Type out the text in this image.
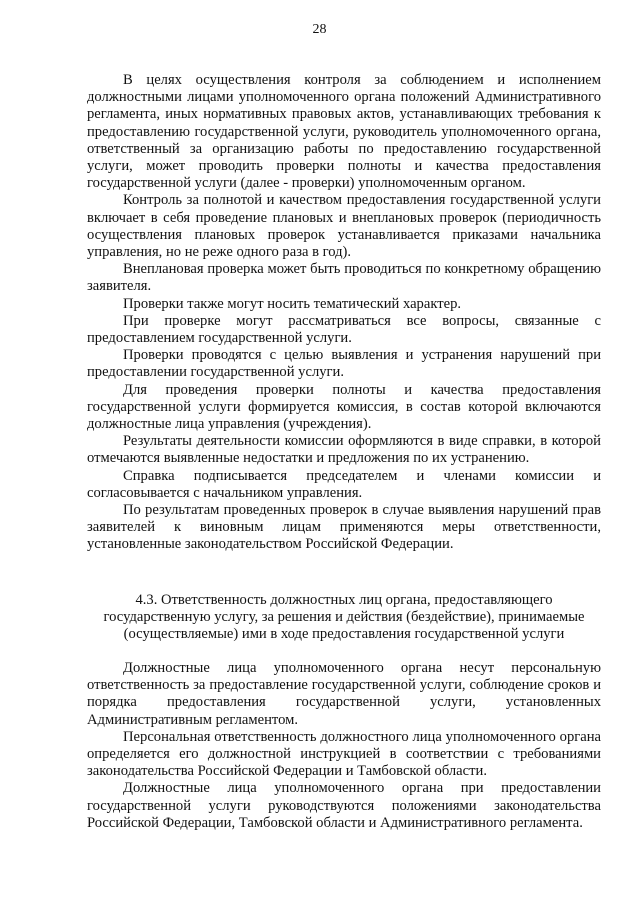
28

В целях осуществления контроля за соблюдением и исполнением должностными лицами уполномоченного органа положений Административного регламента, иных нормативных правовых актов, устанавливающих требования к предоставлению государственной услуги, руководитель уполномоченного органа, ответственный за организацию работы по предоставлению государственной услуги, может проводить проверки полноты и качества предоставления государственной услуги (далее - проверки) уполномоченным органом.

Контроль за полнотой и качеством предоставления государственной услуги включает в себя проведение плановых и внеплановых проверок (периодичность осуществления плановых проверок устанавливается приказами начальника управления, но не реже одного раза в год).

Внеплановая проверка может быть проводиться по конкретному обращению заявителя.

Проверки также могут носить тематический характер.

При проверке могут рассматриваться все вопросы, связанные с предоставлением государственной услуги.

Проверки проводятся с целью выявления и устранения нарушений при предоставлении государственной услуги.

Для проведения проверки полноты и качества предоставления государственной услуги формируется комиссия, в состав которой включаются должностные лица управления (учреждения).

Результаты деятельности комиссии оформляются в виде справки, в которой отмечаются выявленные недостатки и предложения по их устранению.

Справка подписывается председателем и членами комиссии и согласовывается с начальником управления.

По результатам проведенных проверок в случае выявления нарушений прав заявителей к виновным лицам применяются меры ответственности, установленные законодательством Российской Федерации.

4.3. Ответственность должностных лиц органа, предоставляющего государственную услугу, за решения и действия (бездействие), принимаемые (осуществляемые) ими в ходе предоставления государственной услуги

Должностные лица уполномоченного органа несут персональную ответственность за предоставление государственной услуги, соблюдение сроков и порядка предоставления государственной услуги, установленных Административным регламентом.

Персональная ответственность должностного лица уполномоченного органа определяется его должностной инструкцией в соответствии с требованиями законодательства Российской Федерации и Тамбовской области.

Должностные лица уполномоченного органа при предоставлении государственной услуги руководствуются положениями законодательства Российской Федерации, Тамбовской области и Административного регламента.
